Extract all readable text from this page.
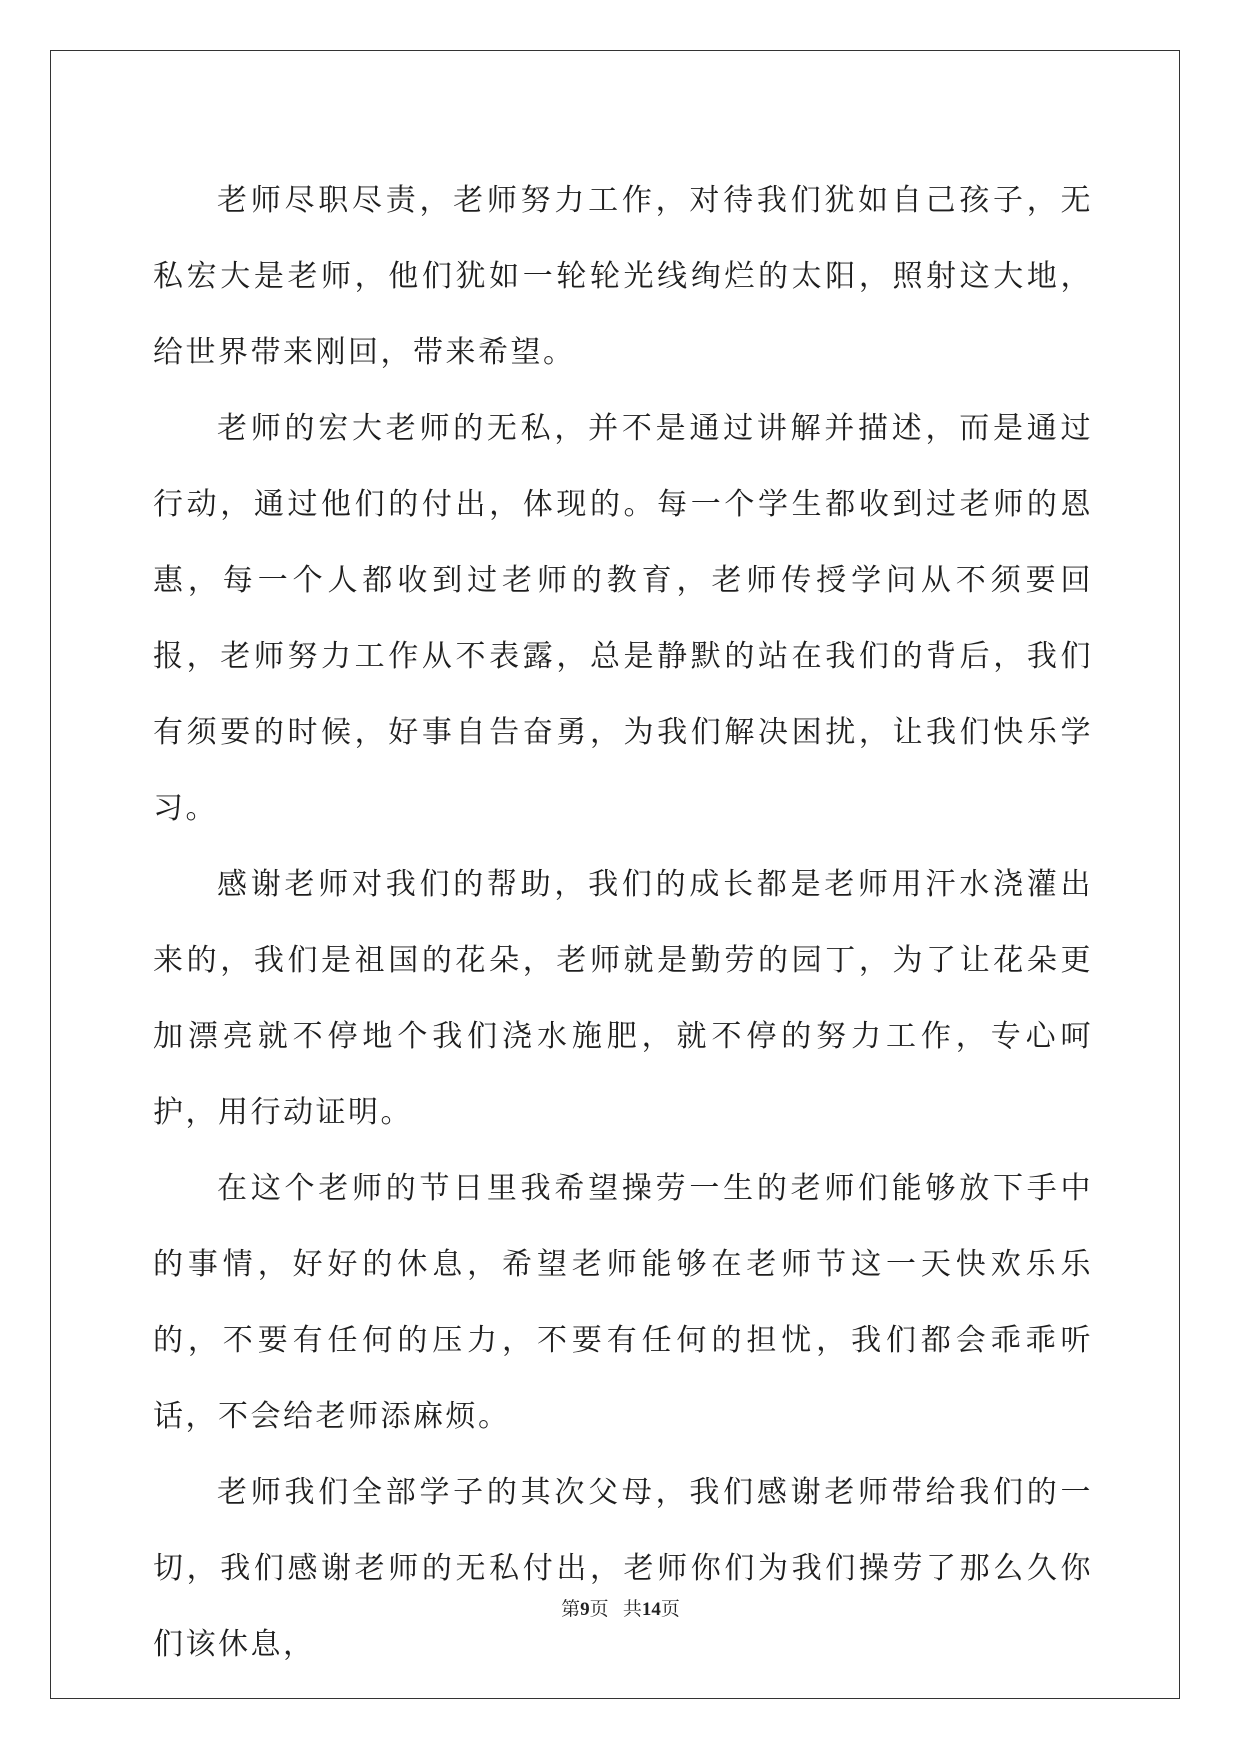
老师尽职尽责，老师努力工作，对待我们犹如自己孩子，无私宏大是老师，他们犹如一轮轮光线绚烂的太阳，照射这大地，给世界带来刚回，带来希望。

老师的宏大老师的无私，并不是通过讲解并描述，而是通过行动，通过他们的付出，体现的。每一个学生都收到过老师的恩惠，每一个人都收到过老师的教育，老师传授学问从不须要回报，老师努力工作从不表露，总是静默的站在我们的背后，我们有须要的时候，好事自告奋勇，为我们解决困扰，让我们快乐学习。

感谢老师对我们的帮助，我们的成长都是老师用汗水浇灌出来的，我们是祖国的花朵，老师就是勤劳的园丁，为了让花朵更加漂亮就不停地个我们浇水施肥，就不停的努力工作，专心呵护，用行动证明。

在这个老师的节日里我希望操劳一生的老师们能够放下手中的事情，好好的休息，希望老师能够在老师节这一天快欢乐乐的，不要有任何的压力，不要有任何的担忧，我们都会乖乖听话，不会给老师添麻烦。

老师我们全部学子的其次父母，我们感谢老师带给我们的一切，我们感谢老师的无私付出，老师你们为我们操劳了那么久你们该休息，

第9页 共14页
